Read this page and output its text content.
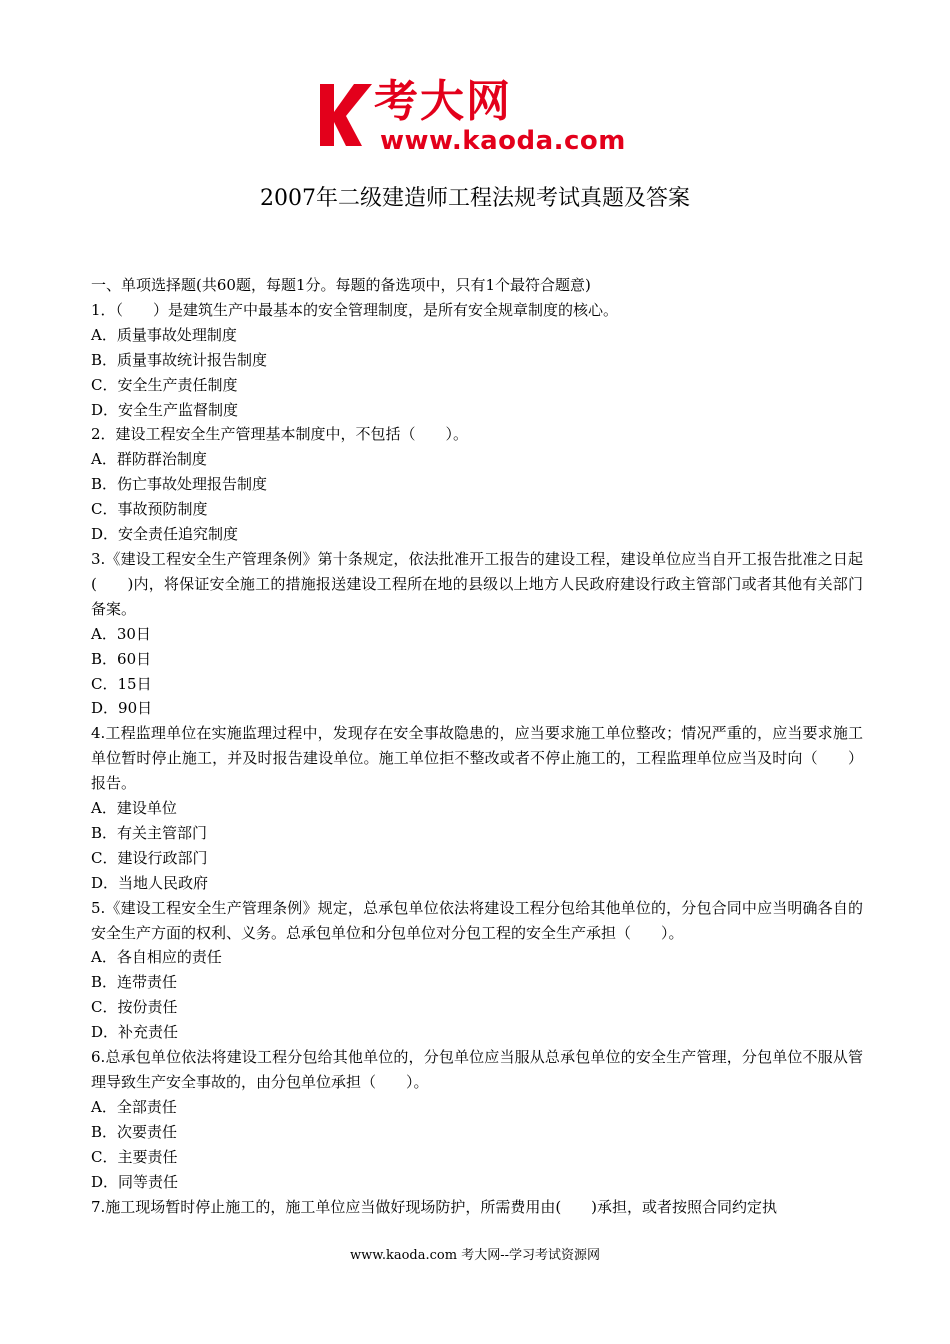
考大网
www.kaoda.com
2007年二级建造师工程法规考试真题及答案

一、单项选择题(共60题，每题1分。每题的备选项中，只有1个最符合题意)

1．（　　）是建筑生产中最基本的安全管理制度，是所有安全规章制度的核心。

A．质量事故处理制度

B．质量事故统计报告制度

C．安全生产责任制度

D．安全生产监督制度

2．建设工程安全生产管理基本制度中，不包括（　　）。

A．群防群治制度

B．伤亡事故处理报告制度

C．事故预防制度

D．安全责任追究制度

3.《建设工程安全生产管理条例》第十条规定，依法批准开工报告的建设工程，建设单位应当自开工报告批准之日起(　　)内，将保证安全施工的措施报送建设工程所在地的县级以上地方人民政府建设行政主管部门或者其他有关部门备案。

A．30日

B．60日

C．15日

D．90日

4.工程监理单位在实施监理过程中，发现存在安全事故隐患的，应当要求施工单位整改；情况严重的，应当要求施工单位暂时停止施工，并及时报告建设单位。施工单位拒不整改或者不停止施工的，工程监理单位应当及时向（　　）报告。

A．建设单位

B．有关主管部门

C．建设行政部门

D．当地人民政府

5.《建设工程安全生产管理条例》规定，总承包单位依法将建设工程分包给其他单位的，分包合同中应当明确各自的安全生产方面的权利、义务。总承包单位和分包单位对分包工程的安全生产承担（　　）。

A．各自相应的责任

B．连带责任

C．按份责任

D．补充责任

6.总承包单位依法将建设工程分包给其他单位的，分包单位应当服从总承包单位的安全生产管理，分包单位不服从管理导致生产安全事故的，由分包单位承担（　　）。

A．全部责任

B．次要责任

C．主要责任

D．同等责任

7.施工现场暂时停止施工的，施工单位应当做好现场防护，所需费用由(　　)承担，或者按照合同约定执

www.kaoda.com 考大网--学习考试资源网
